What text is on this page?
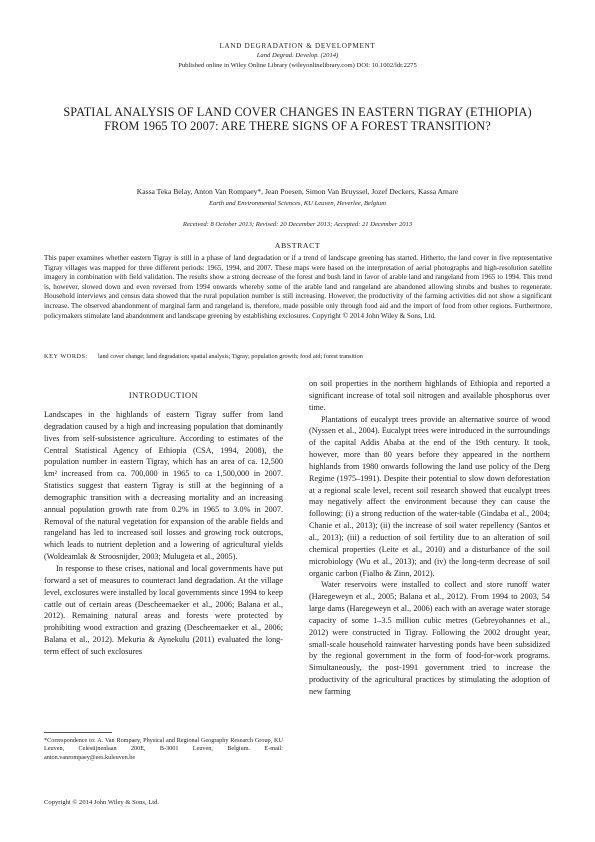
LAND DEGRADATION & DEVELOPMENT
Land Degrad. Develop. (2014)
Published online in Wiley Online Library (wileyonlinelibrary.com) DOI: 10.1002/ldr.2275
SPATIAL ANALYSIS OF LAND COVER CHANGES IN EASTERN TIGRAY (ETHIOPIA) FROM 1965 TO 2007: ARE THERE SIGNS OF A FOREST TRANSITION?
Kassa Teka Belay, Anton Van Rompaey*, Jean Poesen, Simon Van Bruyssel, Jozef Deckers, Kassa Amare
Earth and Environmental Sciences, KU Leuven, Heverlee, Belgium
Received: 8 October 2013; Revised: 20 December 2013; Accepted: 21 December 2013
ABSTRACT

This paper examines whether eastern Tigray is still in a phase of land degradation or if a trend of landscape greening has started. Hitherto, the land cover in five representative Tigray villages was mapped for three different periods: 1965, 1994, and 2007. These maps were based on the interpretation of aerial photographs and high-resolution satellite imagery in combination with field validation. The results show a strong decrease of the forest and bush land in favor of arable land and rangeland from 1965 to 1994. This trend is, however, slowed down and even reversed from 1994 onwards whereby some of the arable land and rangeland are abandoned allowing shrubs and bushes to regenerate. Household interviews and census data showed that the rural population number is still increasing. However, the productivity of the farming activities did not show a significant increase. The observed abandonment of marginal farm and rangeland is, therefore, made possible only through food aid and the import of food from other regions. Furthermore, policymakers stimulate land abandonment and landscape greening by establishing exclosures. Copyright © 2014 John Wiley & Sons, Ltd.

KEY WORDS: land cover change; land degradation; spatial analysis; Tigray; population growth; food aid; forest transition
INTRODUCTION

Landscapes in the highlands of eastern Tigray suffer from land degradation caused by a high and increasing population that dominantly lives from self-subsistence agriculture. According to estimates of the Central Statistical Agency of Ethiopia (CSA, 1994, 2008), the population number in eastern Tigray, which has an area of ca. 12,500 km² increased from ca. 700,000 in 1965 to ca 1,500,000 in 2007. Statistics suggest that eastern Tigray is still at the beginning of a demographic transition with a decreasing mortality and an increasing annual population growth rate from 0.2% in 1965 to 3.0% in 2007. Removal of the natural vegetation for expansion of the arable fields and rangeland has led to increased soil losses and growing rock outcrops, which leads to nutrient depletion and a lowering of agricultural yields (Woldeamlak & Stroosnijder, 2003; Mulugeta et al., 2005).

In response to these crises, national and local governments have put forward a set of measures to counteract land degradation. At the village level, exclosures were installed by local governments since 1994 to keep cattle out of certain areas (Descheemaeker et al., 2006; Balana et al., 2012). Remaining natural areas and forests were protected by prohibiting wood extraction and grazing (Descheemaeker et al., 2006; Balana et al., 2012). Mekuria & Aynekulu (2011) evaluated the long-term effect of such exclosures

on soil properties in the northern highlands of Ethiopia and reported a significant increase of total soil nitrogen and available phosphorus over time.

Plantations of eucalypt trees provide an alternative source of wood (Nyssen et al., 2004). Eucalypt trees were introduced in the surroundings of the capital Addis Ababa at the end of the 19th century. It took, however, more than 80 years before they appeared in the northern highlands from 1980 onwards following the land use policy of the Derg Regime (1975–1991). Despite their potential to slow down deforestation at a regional scale level, recent soil research showed that eucalypt trees may negatively affect the environment because they can cause the following: (i) a strong reduction of the water-table (Gindaba et al., 2004; Chanie et al., 2013); (ii) the increase of soil water repellency (Santos et al., 2013); (iii) a reduction of soil fertility due to an alteration of soil chemical properties (Leite et al., 2010) and a disturbance of the soil microbiology (Wu et al., 2013); and (iv) the long-term decrease of soil organic carbon (Fialho & Zinn, 2012).

Water reservoirs were installed to collect and store runoff water (Haregeweyn et al., 2005; Balana et al., 2012). From 1994 to 2003, 54 large dams (Haregeweyn et al., 2006) each with an average water storage capacity of some 1–3.5 million cubic metres (Gebreyohannes et al., 2012) were constructed in Tigray. Following the 2002 drought year, small-scale household rainwater harvesting ponds have been subsidized by the regional government in the form of food-for-work programs. Simultaneously, the post-1991 government tried to increase the productivity of the agricultural practices by stimulating the adoption of new farming

*Correspondence to: A. Van Rompaey, Physical and Regional Geography Research Group, KU Leuven, Celestijnenlaan 200E, B-3001 Leuven, Belgium. E-mail: anton.vanrompaey@ees.kuleuven.be

Copyright © 2014 John Wiley & Sons, Ltd.
